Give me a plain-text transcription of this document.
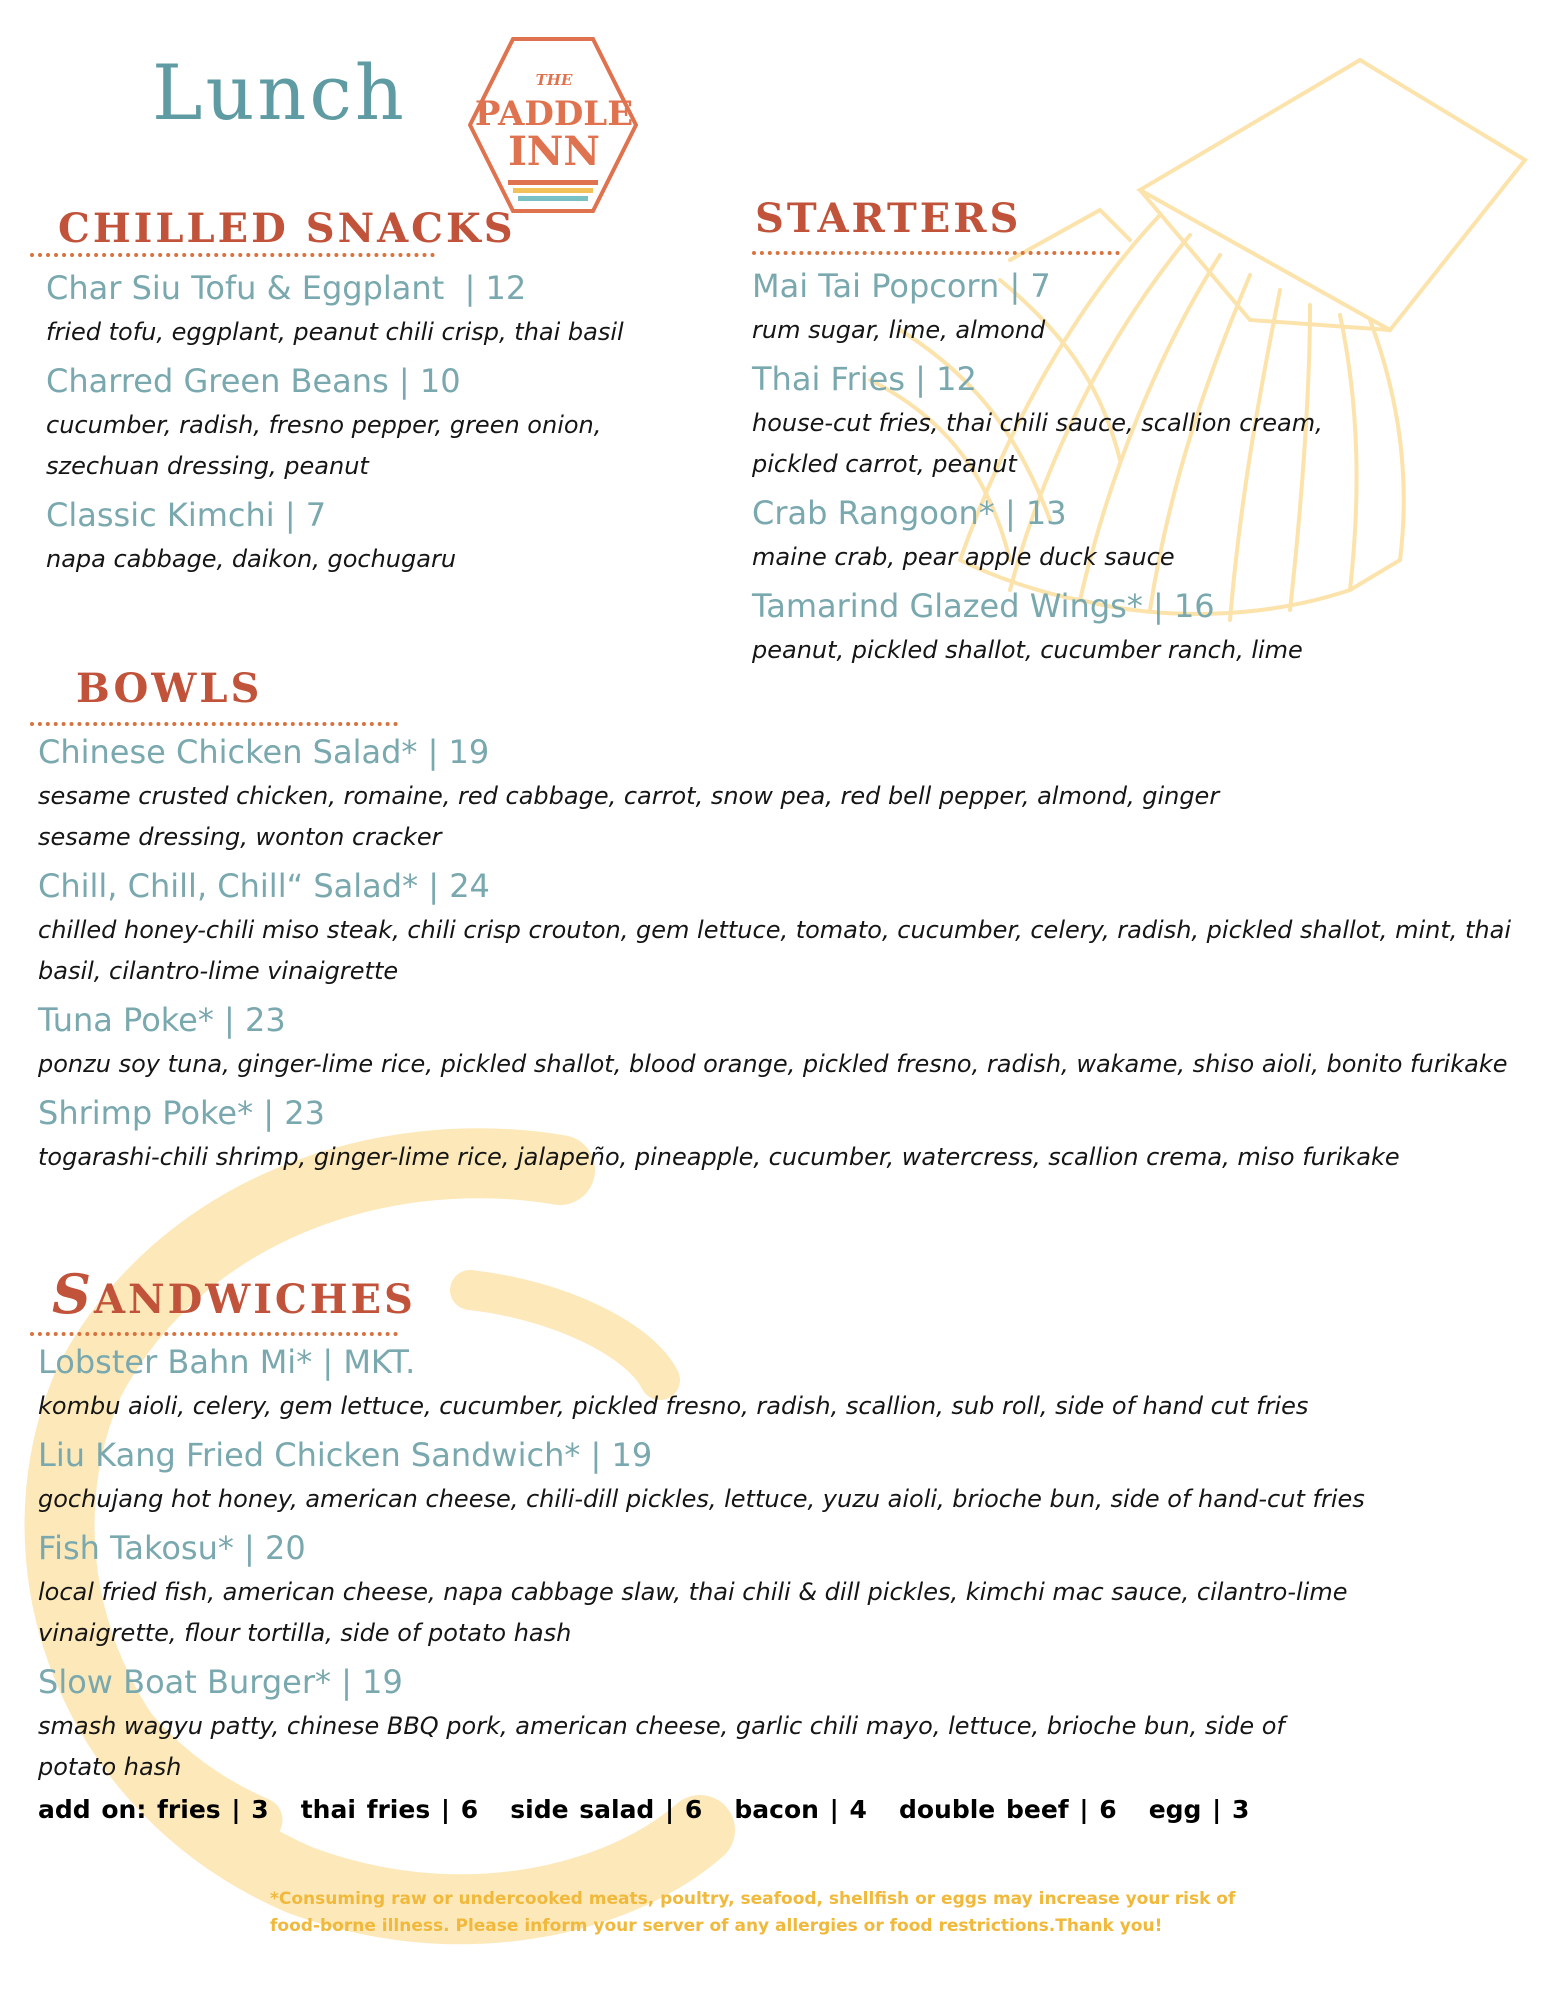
Lunch	THE
PADDLE
INN
CHILLED SNACKS
Char Siu Tofu & Eggplant  | 12
fried tofu, eggplant, peanut chili crisp, thai basil
Charred Green Beans | 10
cucumber, radish, fresno pepper, green onion, szechuan dressing, peanut
Classic Kimchi | 7
napa cabbage, daikon, gochugaru
STARTERS
Mai Tai Popcorn | 7
rum sugar, lime, almond
Thai Fries | 12
house-cut fries, thai chili sauce, scallion cream, pickled carrot, peanut
Crab Rangoon* | 13
maine crab, pear apple duck sauce
Tamarind Glazed Wings* | 16
peanut, pickled shallot, cucumber ranch, lime
BOWLS
Chinese Chicken Salad* | 19
sesame crusted chicken, romaine, red cabbage, carrot, snow pea, red bell pepper, almond, ginger sesame dressing, wonton cracker
Chill, Chill, Chill“ Salad* | 24
chilled honey-chili miso steak, chili crisp crouton, gem lettuce, tomato, cucumber, celery, radish, pickled shallot, mint, thai basil, cilantro-lime vinaigrette
Tuna Poke* | 23
ponzu soy tuna, ginger-lime rice, pickled shallot, blood orange, pickled fresno, radish, wakame, shiso aioli, bonito furikake
Shrimp Poke* | 23
togarashi-chili shrimp, ginger-lime rice, jalapeño, pineapple, cucumber, watercress, scallion crema, miso furikake
SANDWICHES
Lobster Bahn Mi* | MKT.
kombu aioli, celery, gem lettuce, cucumber, pickled fresno, radish, scallion, sub roll, side of hand cut fries
Liu Kang Fried Chicken Sandwich* | 19
gochujang hot honey, american cheese, chili-dill pickles, lettuce, yuzu aioli, brioche bun, side of hand-cut fries
Fish Takosu* | 20
local fried fish, american cheese, napa cabbage slaw, thai chili & dill pickles, kimchi mac sauce, cilantro-lime vinaigrette, flour tortilla, side of potato hash
Slow Boat Burger* | 19
smash wagyu patty, chinese BBQ pork, american cheese, garlic chili mayo, lettuce, brioche bun, side of potato hash
add on: fries | 3   thai fries | 6   side salad | 6   bacon | 4   double beef | 6   egg | 3
*Consuming raw or undercooked meats, poultry, seafood, shellfish or eggs may increase your risk of food-borne illness. Please inform your server of any allergies or food restrictions.Thank you!
